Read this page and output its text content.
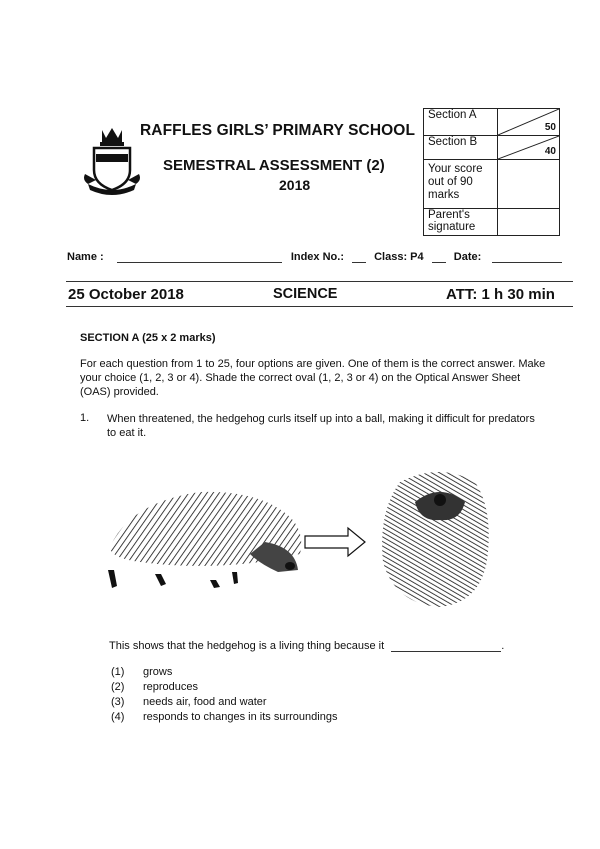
RAFFLES GIRLS’ PRIMARY SCHOOL
SEMESTRAL ASSESSMENT (2)
2018
Section A	50

Section B	40

Your score out of 90 marks	
Parent's signature	
Name :	Index No.:	Class: P4	Date:
25 October 2018	SCIENCE	ATT: 1 h 30 min
SECTION A (25 x 2 marks)
For each question from 1 to 25, four options are given. One of them is the correct answer. Make your choice (1, 2, 3 or 4). Shade the correct oval (1, 2, 3 or 4) on the Optical Answer Sheet (OAS) provided.
1. When threatened, the hedgehog curls itself up into a ball, making it difficult for predators to eat it.
This shows that the hedgehog is a living thing because it	.
(1) grows
(2) reproduces
(3) needs air, food and water
(4) responds to changes in its surroundings
